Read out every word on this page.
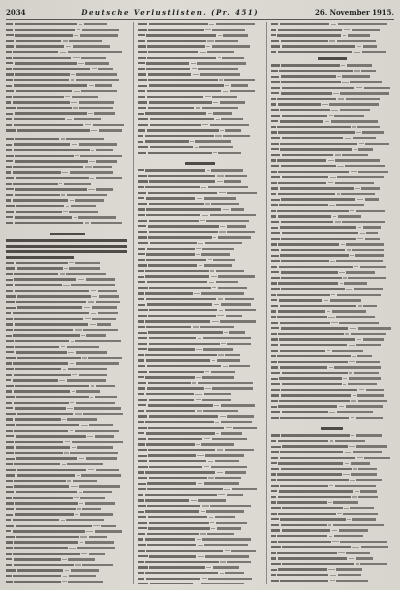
2034	Deutsche Verlustlisten. (Pr. 451)	26. November 1915.
